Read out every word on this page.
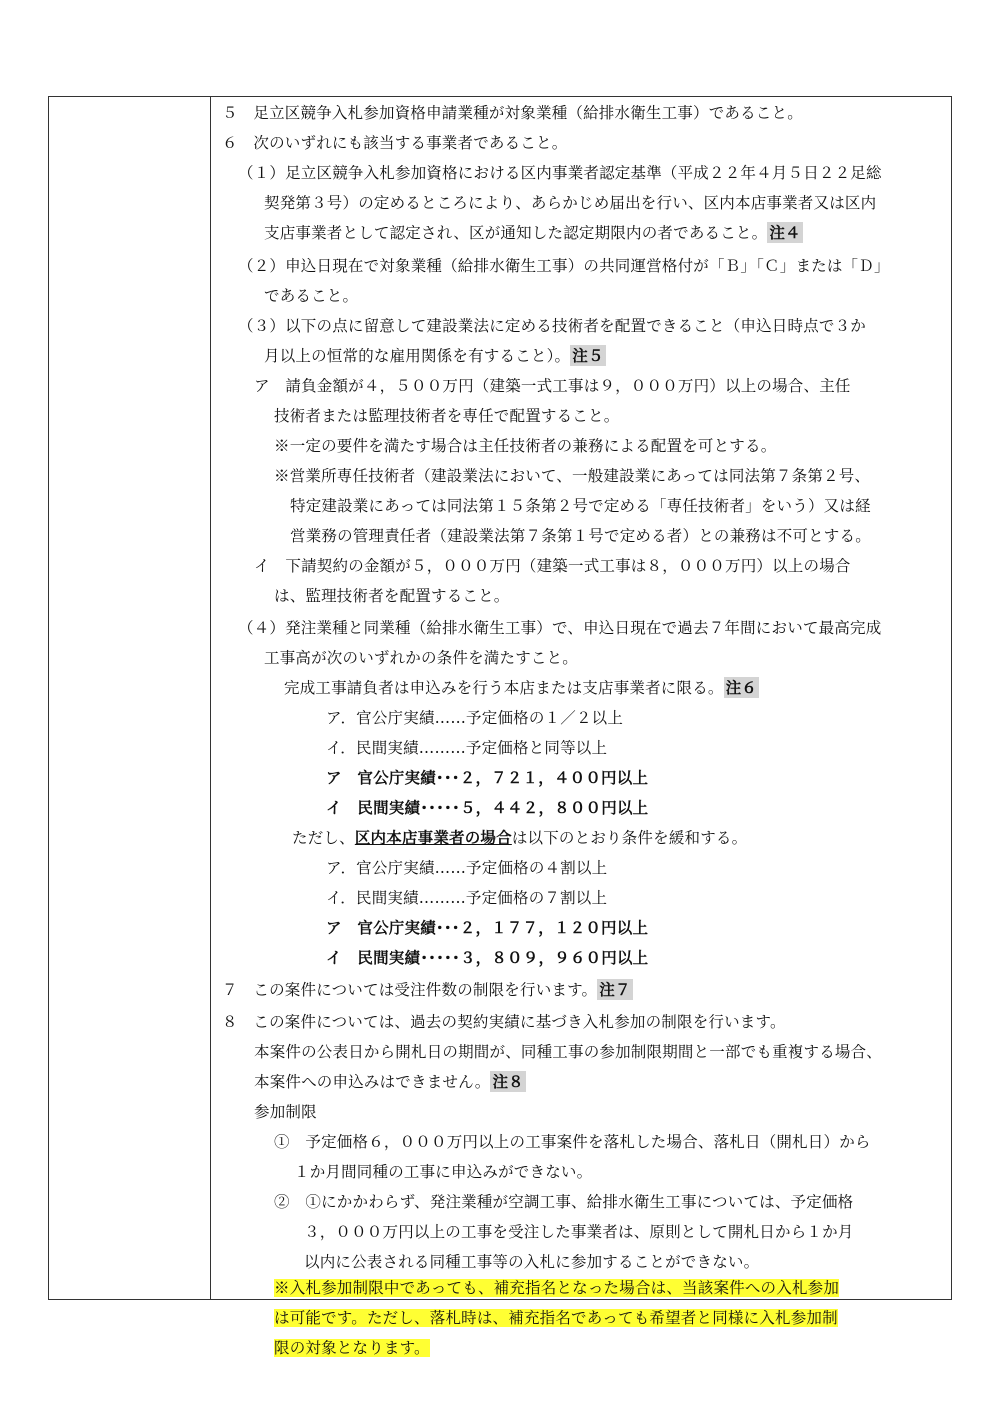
５　足立区競争入札参加資格申請業種が対象業種（給排水衛生工事）であること。
６　次のいずれにも該当する事業者であること。
（１）足立区競争入札参加資格における区内事業者認定基準（平成２２年４月５日２２足総
契発第３号）の定めるところにより、あらかじめ届出を行い、区内本店事業者又は区内
支店事業者として認定され、区が通知した認定期限内の者であること。 注４
（２）申込日現在で対象業種（給排水衛生工事）の共同運営格付が「Ｂ」「Ｃ」または「Ｄ」
であること。
（３）以下の点に留意して建設業法に定める技術者を配置できること（申込日時点で３か
月以上の恒常的な雇用関係を有すること）。 注５
ア　請負金額が４，５００万円（建築一式工事は９，０００万円）以上の場合、主任
技術者または監理技術者を専任で配置すること。
※一定の要件を満たす場合は主任技術者の兼務による配置を可とする。
※営業所専任技術者（建設業法において、一般建設業にあっては同法第７条第２号、
特定建設業にあっては同法第１５条第２号で定める「専任技術者」をいう）又は経
営業務の管理責任者（建設業法第７条第１号で定める者）との兼務は不可とする。
イ　下請契約の金額が５，０００万円（建築一式工事は８，０００万円）以上の場合
は、監理技術者を配置すること。
（４）発注業種と同業種（給排水衛生工事）で、申込日現在で過去７年間において最高完成
工事高が次のいずれかの条件を満たすこと。
完成工事請負者は申込みを行う本店または支店事業者に限る。 注６
ア．官公庁実績……予定価格の１／２以上
イ．民間実績………予定価格と同等以上
ア　官公庁実績･･･２，７２１，４００円以上
イ　民間実績･････５，４４２，８００円以上
ただし、区内本店事業者の場合は以下のとおり条件を緩和する。
ア．官公庁実績……予定価格の４割以上
イ．民間実績………予定価格の７割以上
ア　官公庁実績･･･２，１７７，１２０円以上
イ　民間実績･････３，８０９，９６０円以上
７　この案件については受注件数の制限を行います。 注７
８　この案件については、過去の契約実績に基づき入札参加の制限を行います。
本案件の公表日から開札日の期間が、同種工事の参加制限期間と一部でも重複する場合、
本案件への申込みはできません。 注８
参加制限
①　予定価格６，０００万円以上の工事案件を落札した場合、落札日（開札日）から
１か月間同種の工事に申込みができない。
②　①にかかわらず、発注業種が空調工事、給排水衛生工事については、予定価格
３，０００万円以上の工事を受注した事業者は、原則として開札日から１か月
以内に公表される同種工事等の入札に参加することができない。
※入札参加制限中であっても、補充指名となった場合は、当該案件への入札参加
は可能です。ただし、落札時は、補充指名であっても希望者と同様に入札参加制
限の対象となります。
